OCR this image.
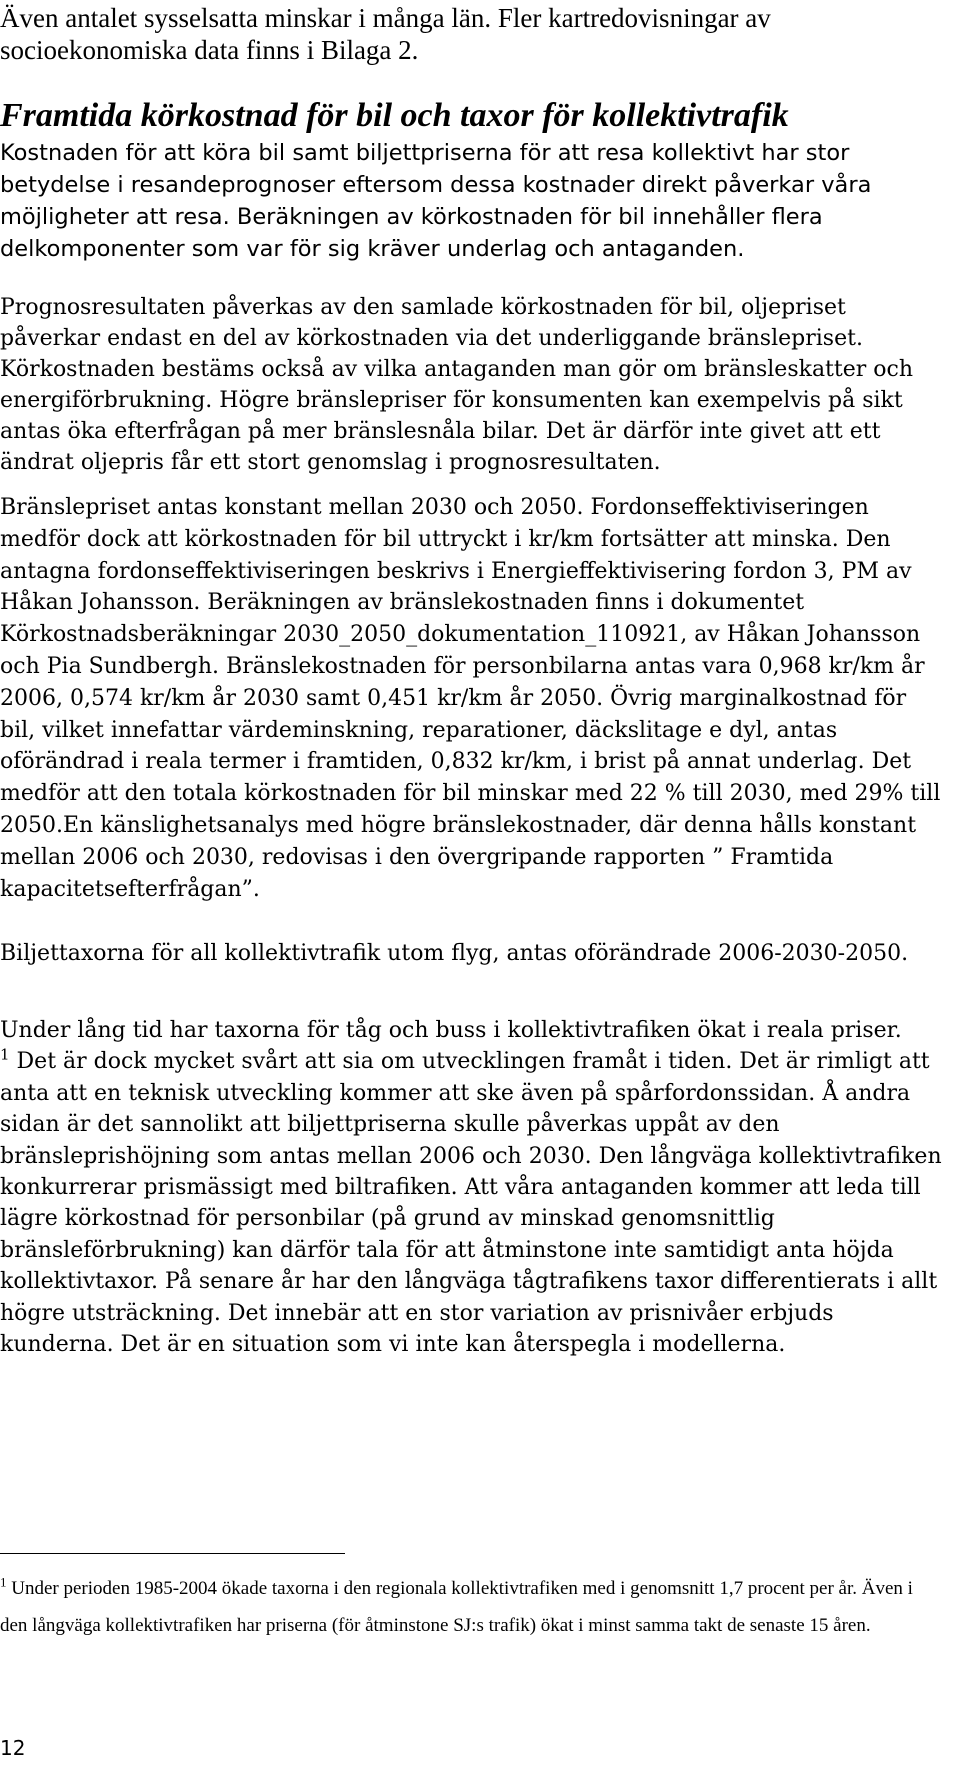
Även antalet sysselsatta minskar i många län. Fler kartredovisningar av socioekonomiska data finns i Bilaga 2.

Framtida körkostnad för bil och taxor för kollektivtrafik

Kostnaden för att köra bil samt biljettpriserna för att resa kollektivt har stor betydelse i resandeprognoser eftersom dessa kostnader direkt påverkar våra möjligheter att resa. Beräkningen av körkostnaden för bil innehåller flera delkomponenter som var för sig kräver underlag och antaganden.

Prognosresultaten påverkas av den samlade körkostnaden för bil, oljepriset påverkar endast en del av körkostnaden via det underliggande bränslepriset. Körkostnaden bestäms också av vilka antaganden man gör om bränsleskatter och energiförbrukning. Högre bränslepriser för konsumenten kan exempelvis på sikt antas öka efterfrågan på mer bränslesnåla bilar. Det är därför inte givet att ett ändrat oljepris får ett stort genomslag i prognosresultaten.

Bränslepriset antas konstant mellan 2030 och 2050. Fordonseffektiviseringen medför dock att körkostnaden för bil uttryckt i kr/km fortsätter att minska. Den antagna fordonseffektiviseringen beskrivs i Energieffektivisering fordon 3, PM av Håkan Johansson. Beräkningen av bränslekostnaden finns i dokumentet Körkostnadsberäkningar 2030_2050_dokumentation_110921, av Håkan Johansson och Pia Sundbergh. Bränslekostnaden för personbilarna antas vara 0,968 kr/km år 2006, 0,574 kr/km år 2030 samt 0,451 kr/km år 2050. Övrig marginalkostnad för bil, vilket innefattar värdeminskning, reparationer, däckslitage e dyl, antas oförändrad i reala termer i framtiden, 0,832 kr/km, i brist på annat underlag. Det medför att den totala körkostnaden för bil minskar med 22 % till 2030, med 29% till 2050.En känslighetsanalys med högre bränslekostnader, där denna hålls konstant mellan 2006 och 2030, redovisas i den övergripande rapporten ” Framtida kapacitetsefterfrågan”.

Biljettaxorna för all kollektivtrafik utom flyg, antas oförändrade 2006-2030-2050.

Under lång tid har taxorna för tåg och buss i kollektivtrafiken ökat i reala priser.
$^1$ Det är dock mycket svårt att sia om utvecklingen framåt i tiden. Det är rimligt att anta att en teknisk utveckling kommer att ske även på spårfordonssidan. Å andra sidan är det sannolikt att biljettpriserna skulle påverkas uppåt av den bränsleprishöjning som antas mellan 2006 och 2030. Den långväga kollektivtrafiken konkurrerar prismässigt med biltrafiken. Att våra antaganden kommer att leda till lägre körkostnad för personbilar (på grund av minskad genomsnittlig bränsleförbrukning) kan därför tala för att åtminstone inte samtidigt anta höjda kollektivtaxor. På senare år har den långväga tågtrafikens taxor differentierats i allt högre utsträckning. Det innebär att en stor variation av prisnivåer erbjuds kunderna. Det är en situation som vi inte kan återspegla i modellerna.

$^1$ Under perioden 1985-2004 ökade taxorna i den regionala kollektivtrafiken med i genomsnitt 1,7 procent per år. Även i den långväga kollektivtrafiken har priserna (för åtminstone SJ:s trafik) ökat i minst samma takt de senaste 15 åren.

12
